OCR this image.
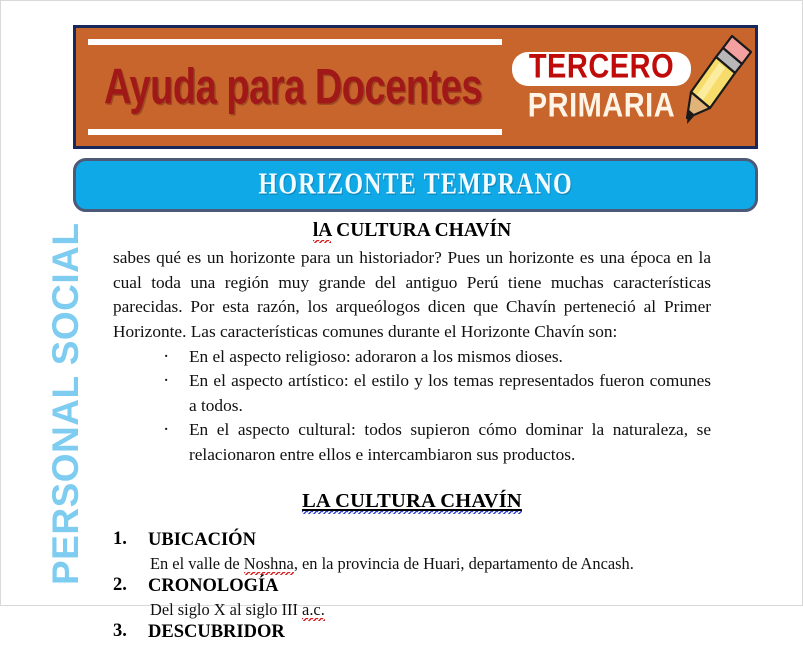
PERSONAL SOCIAL
Ayuda para Docentes	TERCERO
PRIMARIA
HORIZONTE TEMPRANO
lA CULTURA CHAVÍN

sabes qué es un horizonte para un historiador? Pues un horizonte es una época en la cual toda una región muy grande del antiguo Perú tiene muchas características parecidas. Por esta razón, los arqueólogos dicen que Chavín perteneció al Primer Horizonte. Las características comunes durante el Horizonte Chavín son:

· En el aspecto religioso: adoraron a los mismos dioses.
· En el aspecto artístico: el estilo y los temas representados fueron comunes a todos.
· En el aspecto cultural: todos supieron cómo dominar la naturaleza, se relacionaron entre ellos e intercambiaron sus productos.
LA CULTURA CHAVÍN
UBICACIÓN
En el valle de Noshna, en la provincia de Huari, departamento de Ancash.
CRONOLOGÍA
Del siglo X al siglo III a.c.
DESCUBRIDOR
